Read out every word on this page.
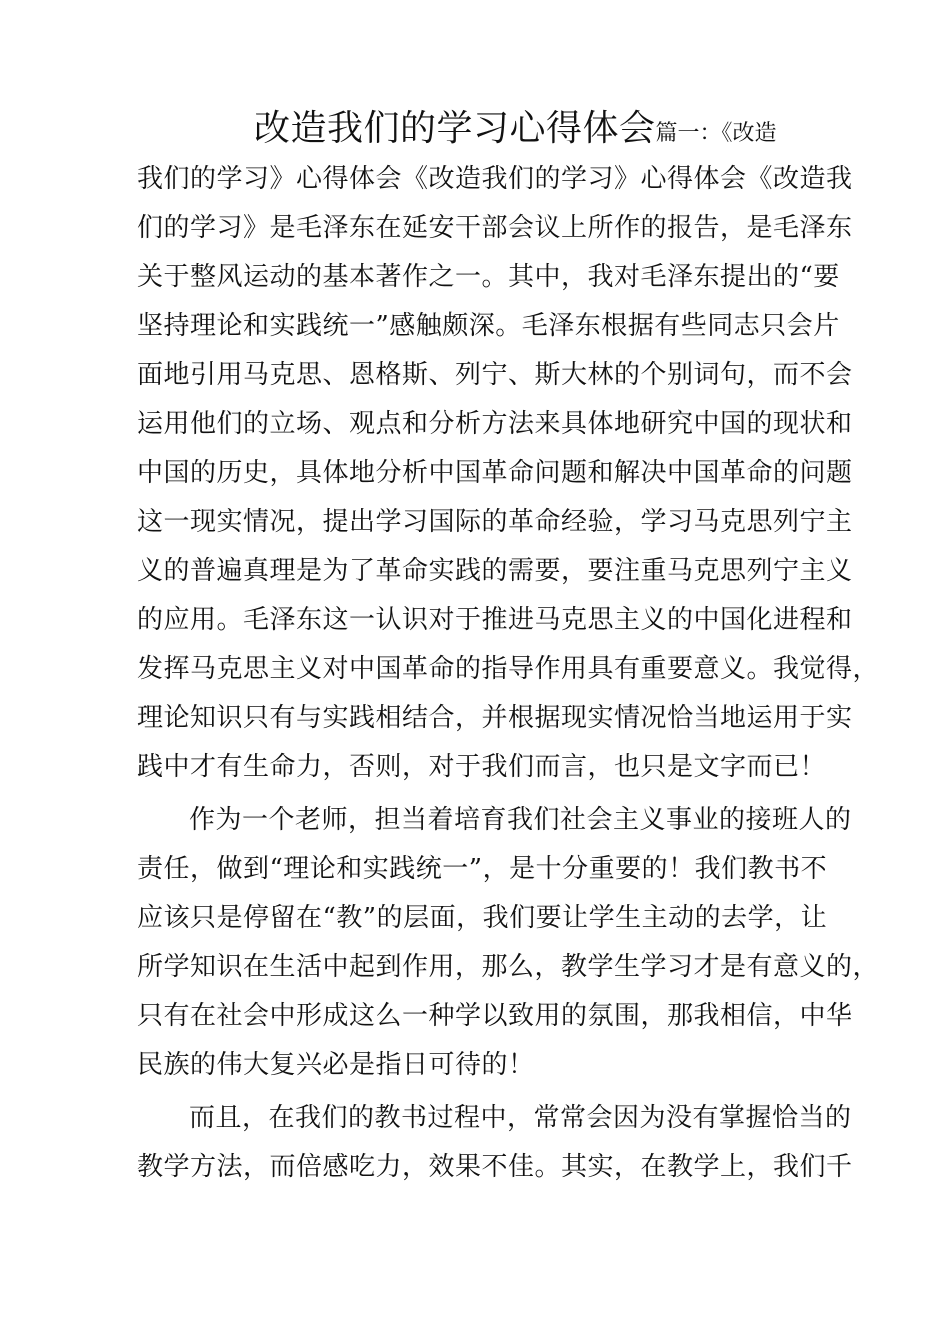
改造我们的学习心得体会篇一：《改造
我们的学习》心得体会《改造我们的学习》心得体会《改造我
们的学习》是毛泽东在延安干部会议上所作的报告，是毛泽东
关于整风运动的基本著作之一。其中，我对毛泽东提出的“要
坚持理论和实践统一”感触颇深。毛泽东根据有些同志只会片
面地引用马克思、恩格斯、列宁、斯大林的个别词句，而不会
运用他们的立场、观点和分析方法来具体地研究中国的现状和
中国的历史，具体地分析中国革命问题和解决中国革命的问题
这一现实情况，提出学习国际的革命经验，学习马克思列宁主
义的普遍真理是为了革命实践的需要，要注重马克思列宁主义
的应用。毛泽东这一认识对于推进马克思主义的中国化进程和
发挥马克思主义对中国革命的指导作用具有重要意义。我觉得，
理论知识只有与实践相结合，并根据现实情况恰当地运用于实
践中才有生命力，否则，对于我们而言，也只是文字而已！
作为一个老师，担当着培育我们社会主义事业的接班人的
责任，做到“理论和实践统一”，是十分重要的！我们教书不
应该只是停留在“教”的层面，我们要让学生主动的去学，让
所学知识在生活中起到作用，那么，教学生学习才是有意义的，
只有在社会中形成这么一种学以致用的氛围，那我相信，中华
民族的伟大复兴必是指日可待的！
而且，在我们的教书过程中，常常会因为没有掌握恰当的
教学方法，而倍感吃力，效果不佳。其实，在教学上，我们千
